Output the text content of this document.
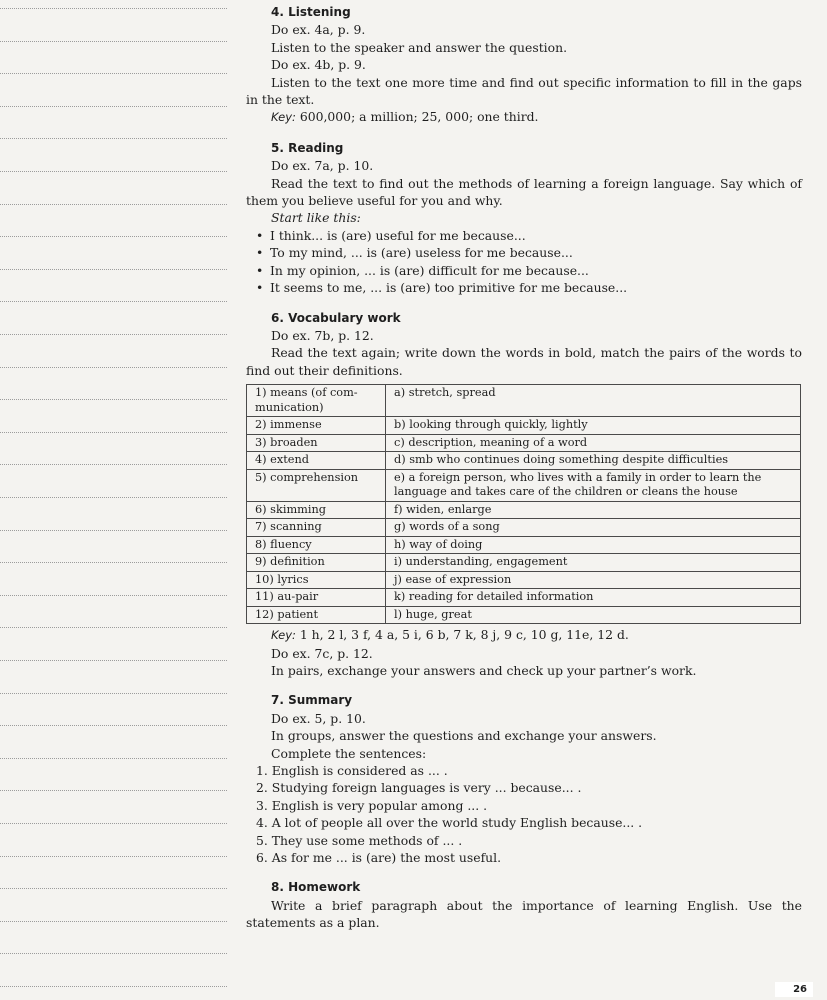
4. Listening
Do ex. 4a, p. 9.
Listen to the speaker and answer the question.
Do ex. 4b, p. 9.
Listen to the text one more time and find out specific information to fill in the gaps in the text.
Key: 600,000; a million; 25, 000; one third.
5. Reading
Do ex. 7a, p. 10.
Read the text to find out the methods of learning a foreign language. Say which of them you believe useful for you and why.
Start like this:
• I think... is (are) useful for me because...
• To my mind, ... is (are) useless for me because...
• In my opinion, ... is (are) difficult for me because...
• It seems to me, ... is (are) too primitive for me because...
6. Vocabulary work
Do ex. 7b, p. 12.
Read the text again; write down the words in bold, match the pairs of the words to find out their definitions.
1) means (of com-munication)	a) stretch, spread
2) immense	b) looking through quickly, lightly
3) broaden	c) description, meaning of a word
4) extend	d) smb who continues doing something despite difficulties
5) comprehension	e) a foreign person, who lives with a family in order to learn the language and takes care of the children or cleans the house
6) skimming	f) widen, enlarge
7) scanning	g) words of a song
8) fluency	h) way of doing
9) definition	i) understanding, engagement
10) lyrics	j) ease of expression
11) au-pair	k) reading for detailed information
12) patient	l) huge, great
Key: 1 h, 2 l, 3 f, 4 a, 5 i, 6 b, 7 k, 8 j, 9 c, 10 g, 11e, 12 d.
Do ex. 7c, p. 12.
In pairs, exchange your answers and check up your partner’s work.
7. Summary
Do ex. 5, p. 10.
In groups, answer the questions and exchange your answers.
Complete the sentences:
1. English is considered as ... .
2. Studying foreign languages is very ... because... .
3. English is very popular among ... .
4. A lot of people all over the world study English because... .
5. They use some methods of ... .
6. As for me ... is (are) the most useful.
8. Homework
Write a brief paragraph about the importance of learning English. Use the statements as a plan.
26
